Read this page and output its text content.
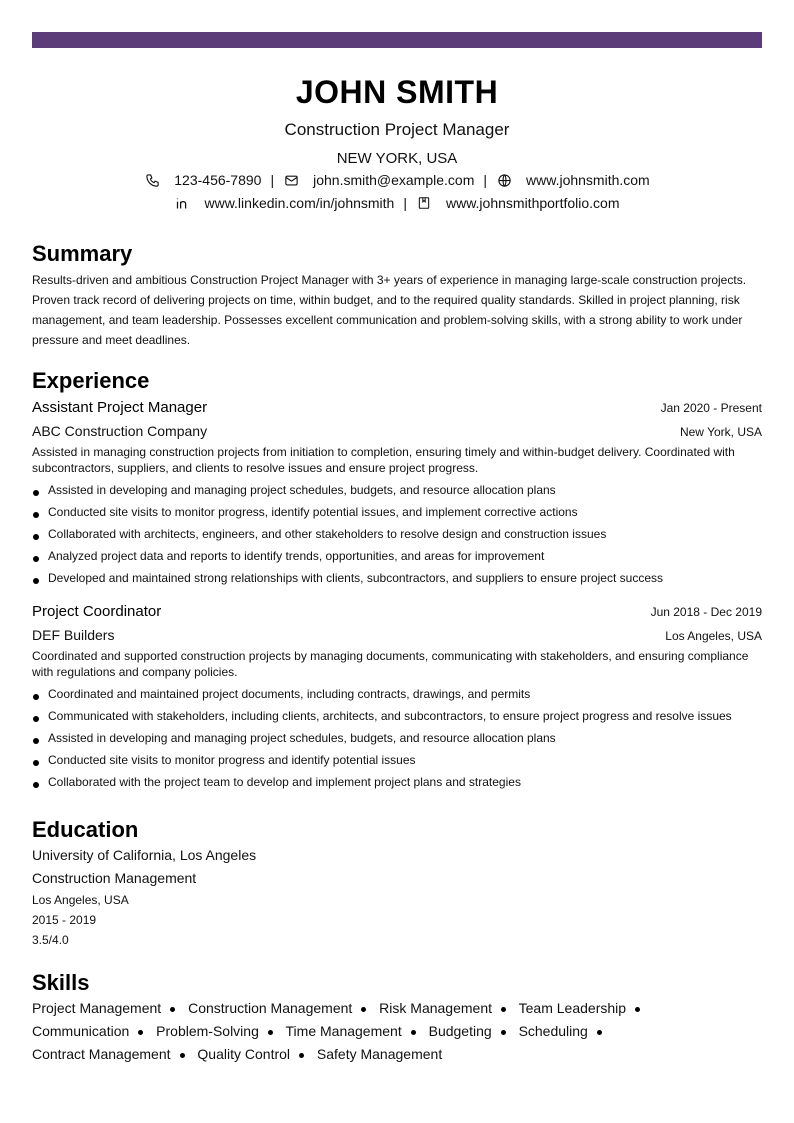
JOHN SMITH
Construction Project Manager
NEW YORK, USA
123-456-7890 |	john.smith@example.com |	www.johnsmith.com
www.linkedin.com/in/johnsmith |	www.johnsmithportfolio.com
Summary
Results-driven and ambitious Construction Project Manager with 3+ years of experience in managing large-scale construction projects. Proven track record of delivering projects on time, within budget, and to the required quality standards. Skilled in project planning, risk management, and team leadership. Possesses excellent communication and problem-solving skills, with a strong ability to work under pressure and meet deadlines.
Experience
Assistant Project Manager	Jan 2020 - Present
ABC Construction Company	New York, USA
Assisted in managing construction projects from initiation to completion, ensuring timely and within-budget delivery. Coordinated with subcontractors, suppliers, and clients to resolve issues and ensure project progress.
Assisted in developing and managing project schedules, budgets, and resource allocation plans
Conducted site visits to monitor progress, identify potential issues, and implement corrective actions
Collaborated with architects, engineers, and other stakeholders to resolve design and construction issues
Analyzed project data and reports to identify trends, opportunities, and areas for improvement
Developed and maintained strong relationships with clients, subcontractors, and suppliers to ensure project success
Project Coordinator	Jun 2018 - Dec 2019
DEF Builders	Los Angeles, USA
Coordinated and supported construction projects by managing documents, communicating with stakeholders, and ensuring compliance with regulations and company policies.
Coordinated and maintained project documents, including contracts, drawings, and permits
Communicated with stakeholders, including clients, architects, and subcontractors, to ensure project progress and resolve issues
Assisted in developing and managing project schedules, budgets, and resource allocation plans
Conducted site visits to monitor progress and identify potential issues
Collaborated with the project team to develop and implement project plans and strategies
Education
University of California, Los Angeles
Construction Management
Los Angeles, USA
2015 - 2019
3.5/4.0
Skills
Project Management Construction Management Risk Management Team Leadership
Communication Problem-Solving Time Management Budgeting Scheduling
Contract Management Quality Control Safety Management
